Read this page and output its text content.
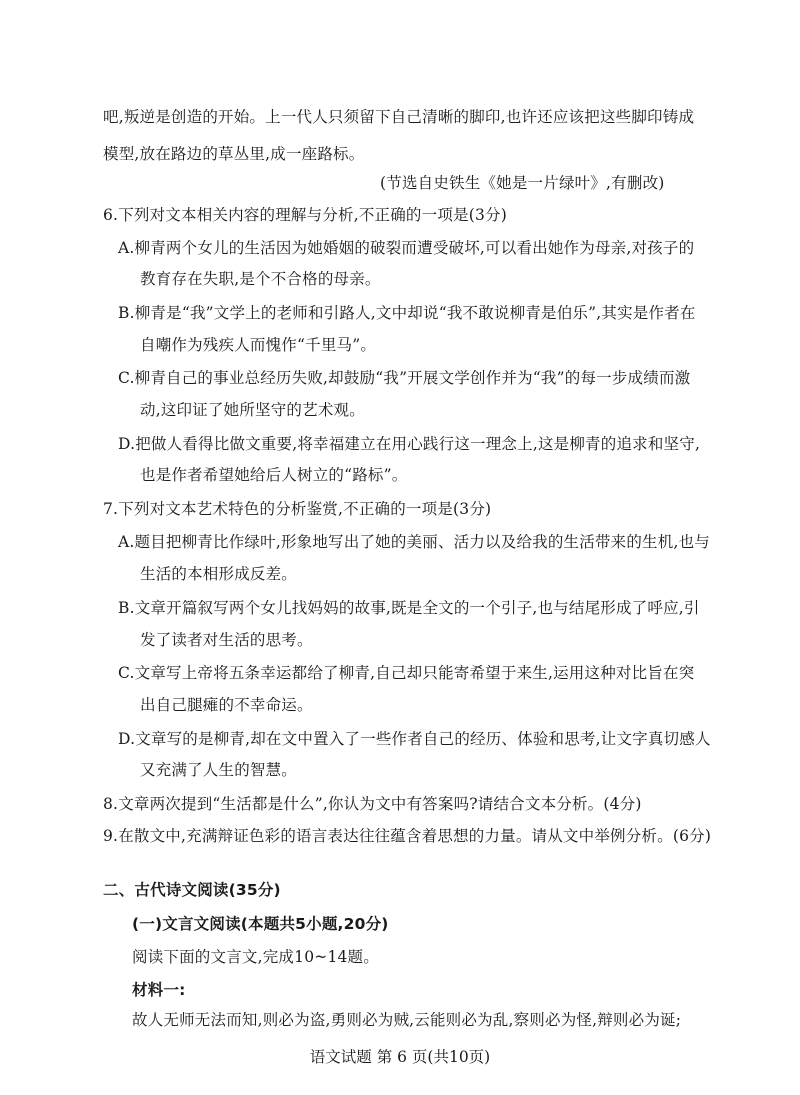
吧,叛逆是创造的开始。上一代人只须留下自己清晰的脚印,也许还应该把这些脚印铸成
模型,放在路边的草丛里,成一座路标。
(节选自史铁生《她是一片绿叶》,有删改)
6.下列对文本相关内容的理解与分析,不正确的一项是(3分)
A.柳青两个女儿的生活因为她婚姻的破裂而遭受破坏,可以看出她作为母亲,对孩子的
教育存在失职,是个不合格的母亲。
B.柳青是“我”文学上的老师和引路人,文中却说“我不敢说柳青是伯乐”,其实是作者在
自嘲作为残疾人而愧作“千里马”。
C.柳青自己的事业总经历失败,却鼓励“我”开展文学创作并为“我”的每一步成绩而激
动,这印证了她所坚守的艺术观。
D.把做人看得比做文重要,将幸福建立在用心践行这一理念上,这是柳青的追求和坚守,
也是作者希望她给后人树立的“路标”。
7.下列对文本艺术特色的分析鉴赏,不正确的一项是(3分)
A.题目把柳青比作绿叶,形象地写出了她的美丽、活力以及给我的生活带来的生机,也与
生活的本相形成反差。
B.文章开篇叙写两个女儿找妈妈的故事,既是全文的一个引子,也与结尾形成了呼应,引
发了读者对生活的思考。
C.文章写上帝将五条幸运都给了柳青,自己却只能寄希望于来生,运用这种对比旨在突
出自己腿瘫的不幸命运。
D.文章写的是柳青,却在文中置入了一些作者自己的经历、体验和思考,让文字真切感人
又充满了人生的智慧。
8.文章两次提到“生活都是什么”,你认为文中有答案吗?请结合文本分析。(4分)
9.在散文中,充满辩证色彩的语言表达往往蕴含着思想的力量。请从文中举例分析。(6分)
二、古代诗文阅读(35分)
(一)文言文阅读(本题共5小题,20分)
阅读下面的文言文,完成10~14题。
材料一:
故人无师无法而知,则必为盗,勇则必为贼,云能则必为乱,察则必为怪,辩则必为诞;
语文试题 第 6 页(共10页)
